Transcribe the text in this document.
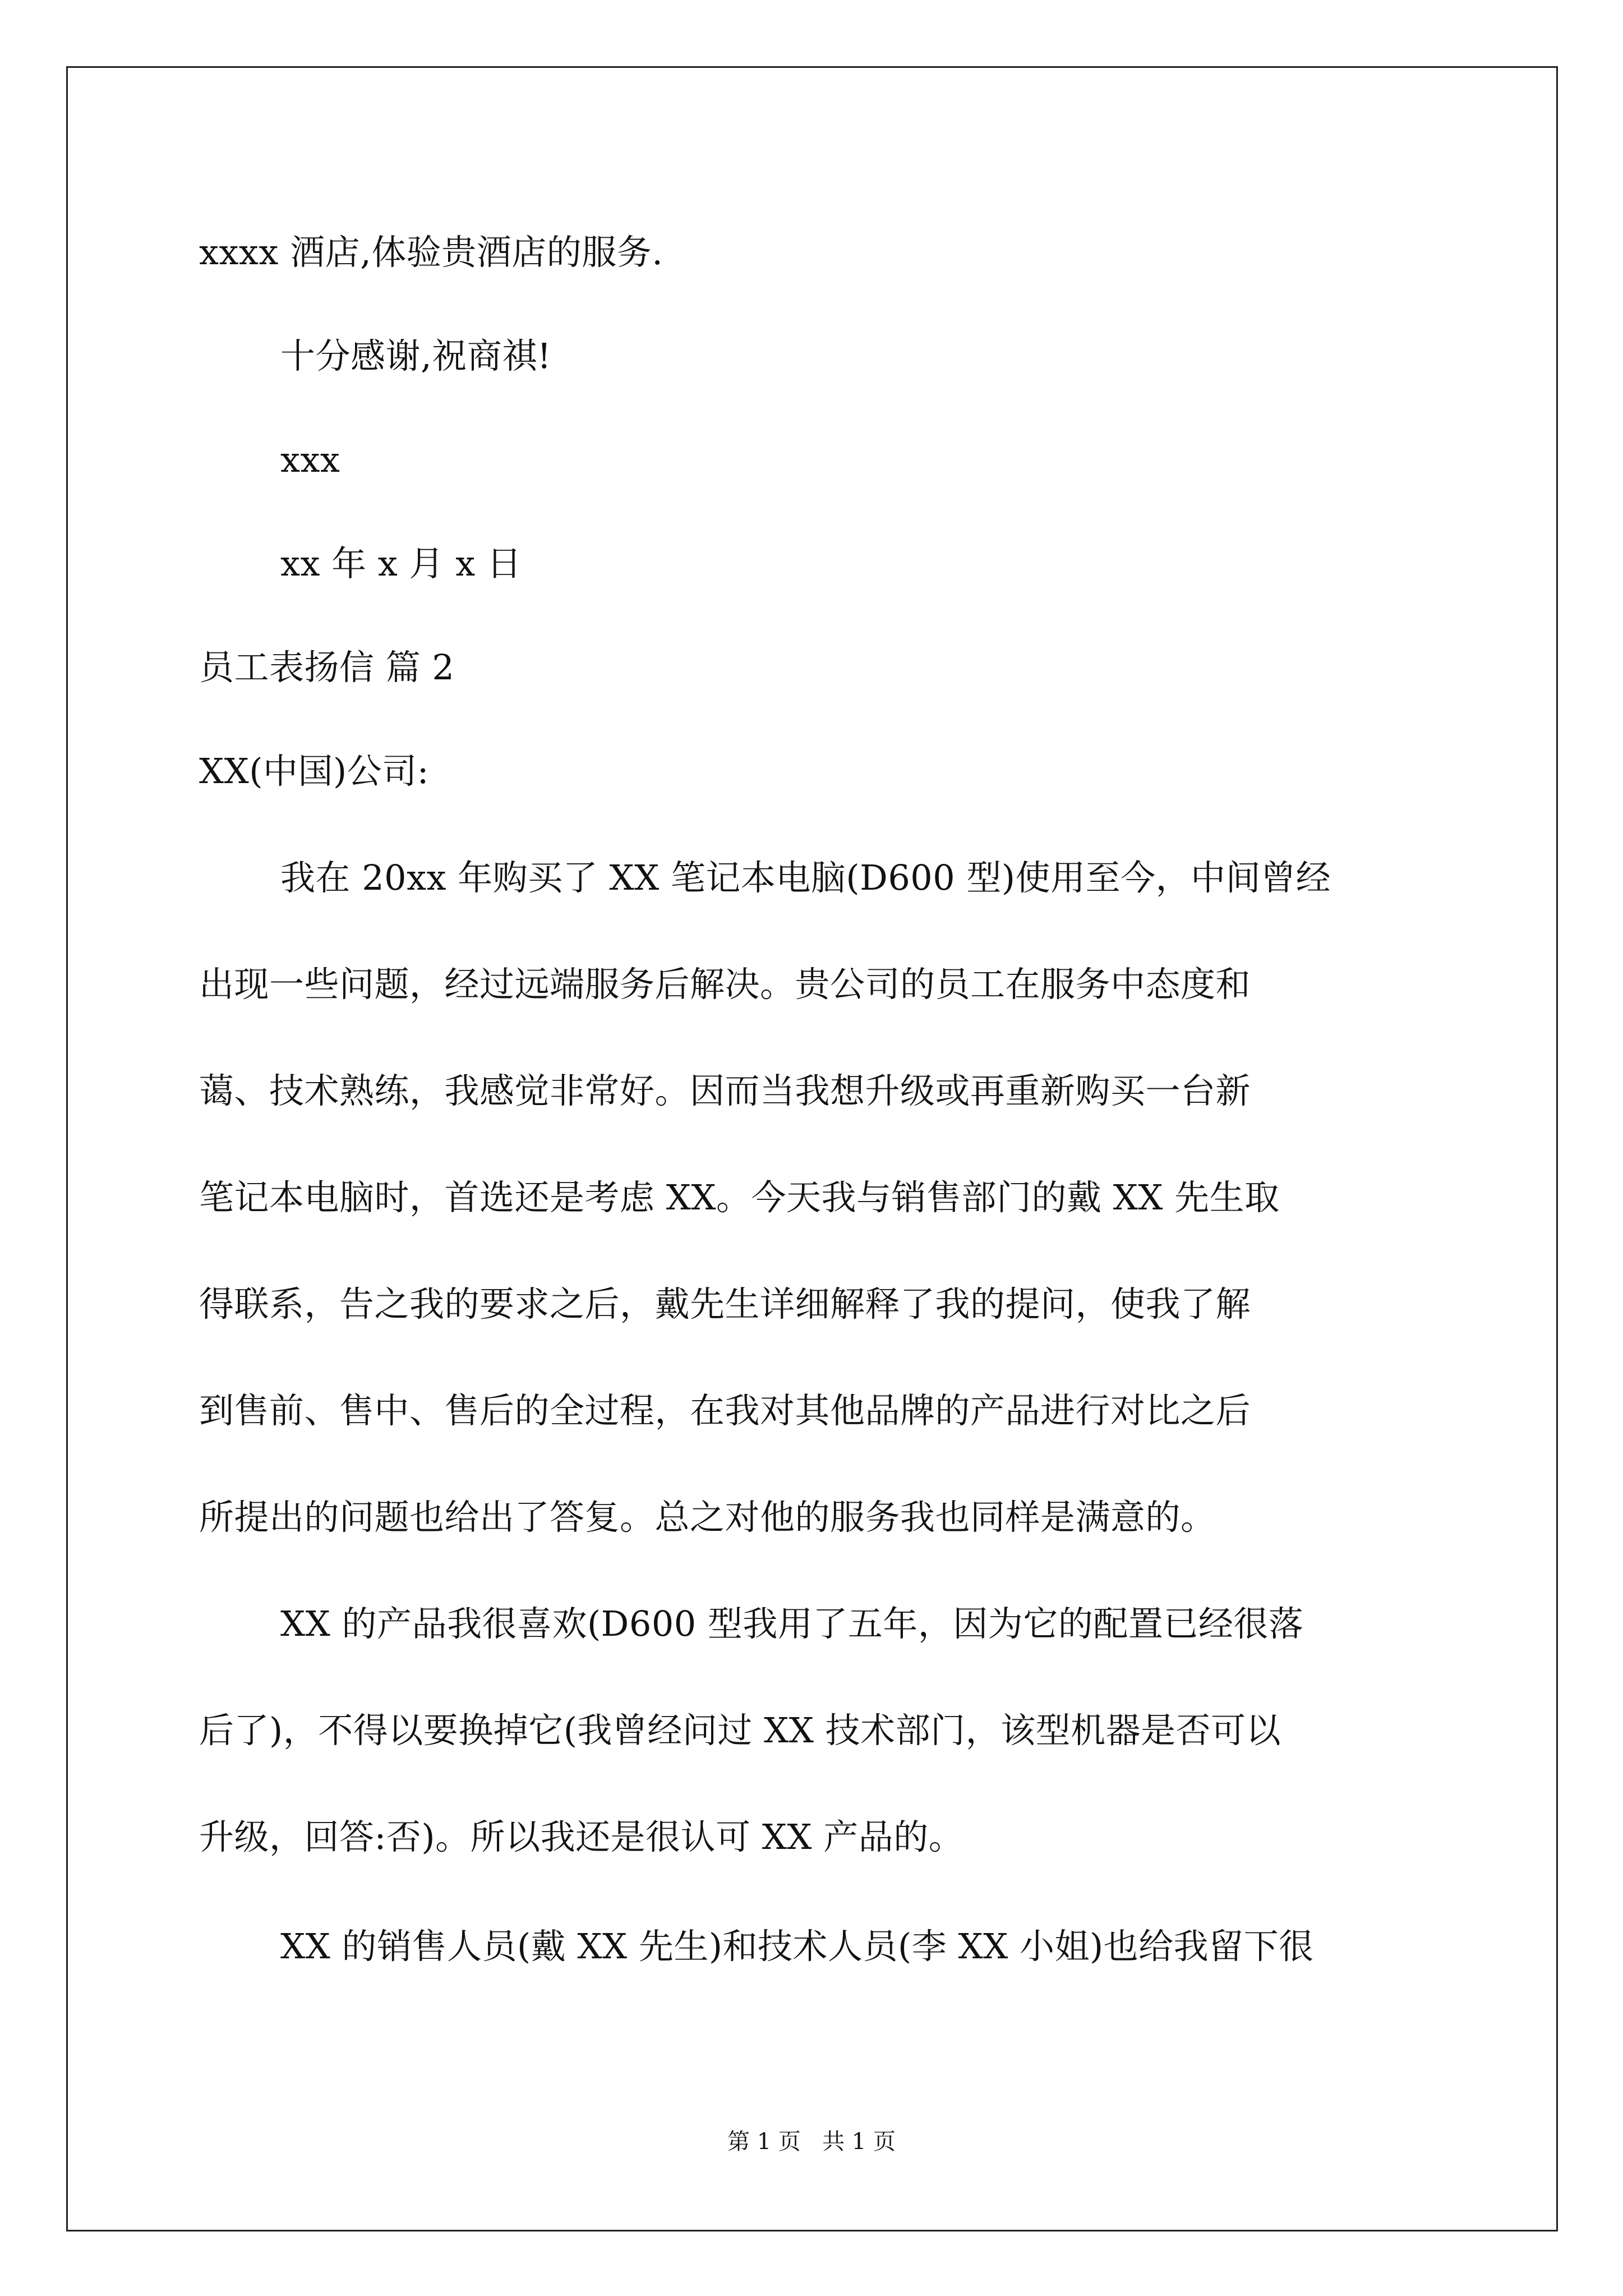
xxxx 酒店,体验贵酒店的服务.

十分感谢,祝商祺!

xxx

xx 年 x 月 x 日

员工表扬信 篇 2

XX(中国)公司:

我在 20xx 年购买了 XX 笔记本电脑(D600 型)使用至今，中间曾经

出现一些问题，经过远端服务后解决。贵公司的员工在服务中态度和

蔼、技术熟练，我感觉非常好。因而当我想升级或再重新购买一台新

笔记本电脑时，首选还是考虑 XX。今天我与销售部门的戴 XX 先生取

得联系，告之我的要求之后，戴先生详细解释了我的提问，使我了解

到售前、售中、售后的全过程，在我对其他品牌的产品进行对比之后

所提出的问题也给出了答复。总之对他的服务我也同样是满意的。

XX 的产品我很喜欢(D600 型我用了五年，因为它的配置已经很落

后了)，不得以要换掉它(我曾经问过 XX 技术部门，该型机器是否可以

升级，回答:否)。所以我还是很认可 XX 产品的。

XX 的销售人员(戴 XX 先生)和技术人员(李 XX 小姐)也给我留下很

第 1 页   共 1 页
